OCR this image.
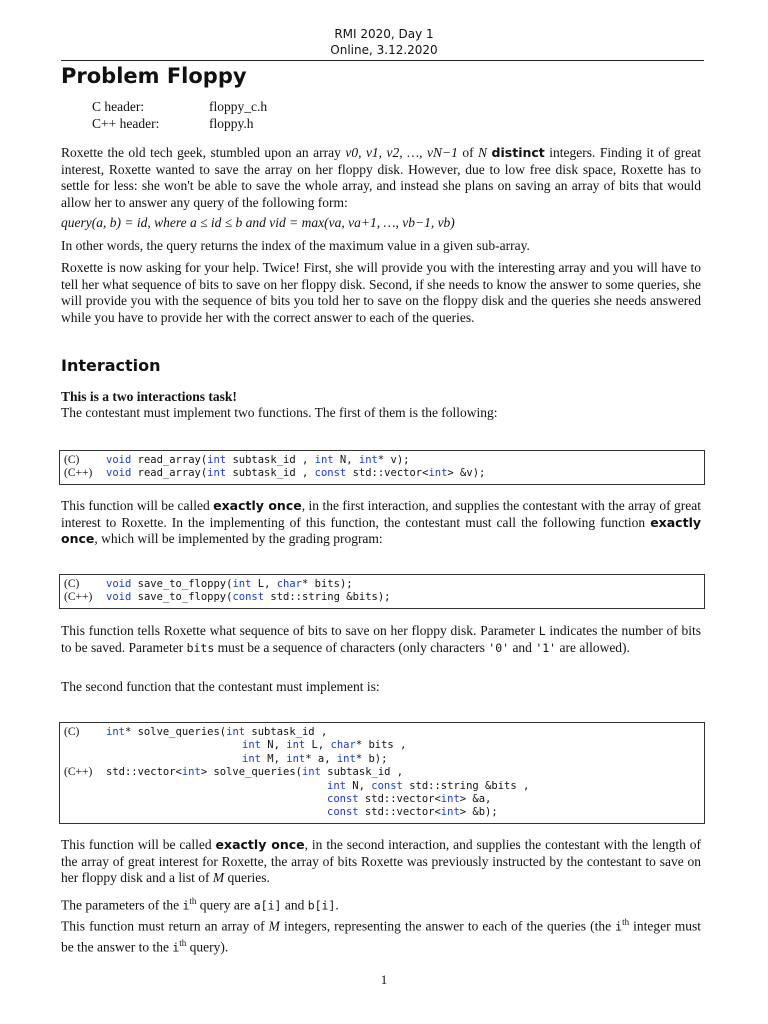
RMI 2020, Day 1
Online, 3.12.2020
Problem Floppy
C header:	floppy_c.h
C++ header:	floppy.h
Roxette the old tech geek, stumbled upon an array v0, v1, v2, …, vN−1 of N distinct integers. Finding it of great interest, Roxette wanted to save the array on her floppy disk. However, due to low free disk space, Roxette has to settle for less: she won't be able to save the whole array, and instead she plans on saving an array of bits that would allow her to answer any query of the following form:
query(a, b) = id, where a ≤ id ≤ b and vid = max(va, va+1, …, vb−1, vb)
In other words, the query returns the index of the maximum value in a given sub-array.
Roxette is now asking for your help. Twice! First, she will provide you with the interesting array and you will have to tell her what sequence of bits to save on her floppy disk. Second, if she needs to know the answer to some queries, she will provide you with the sequence of bits you told her to save on the floppy disk and the queries she needs answered while you have to provide her with the correct answer to each of the queries.
Interaction
This is a two interactions task!
The contestant must implement two functions. The first of them is the following:
(C)	void read_array(int subtask_id , int N, int* v);
(C++) void read_array(int subtask_id , const std::vector<int> &v);
This function will be called exactly once, in the first interaction, and supplies the contestant with the array of great interest to Roxette. In the implementing of this function, the contestant must call the following function exactly once, which will be implemented by the grading program:
(C)	void save_to_floppy(int L, char* bits);
(C++) void save_to_floppy(const std::string &bits);
This function tells Roxette what sequence of bits to save on her floppy disk. Parameter L indicates the number of bits to be saved. Parameter bits must be a sequence of characters (only characters '0' and '1' are allowed).
The second function that the contestant must implement is:
(C)	int* solve_queries(int subtask_id ,
int N, int L, char* bits ,
int M, int* a, int* b);
(C++) std::vector<int> solve_queries(int subtask_id ,
int N, const std::string &bits ,
const std::vector<int> &a,
const std::vector<int> &b);
This function will be called exactly once, in the second interaction, and supplies the contestant with the length of the array of great interest for Roxette, the array of bits Roxette was previously instructed by the contestant to save on her floppy disk and a list of M queries.
The parameters of the $i^{th}$ query are a[i] and b[i].
This function must return an array of M integers, representing the answer to each of the queries (the $i^{th}$ integer must be the answer to the $i^{th}$ query).
1
